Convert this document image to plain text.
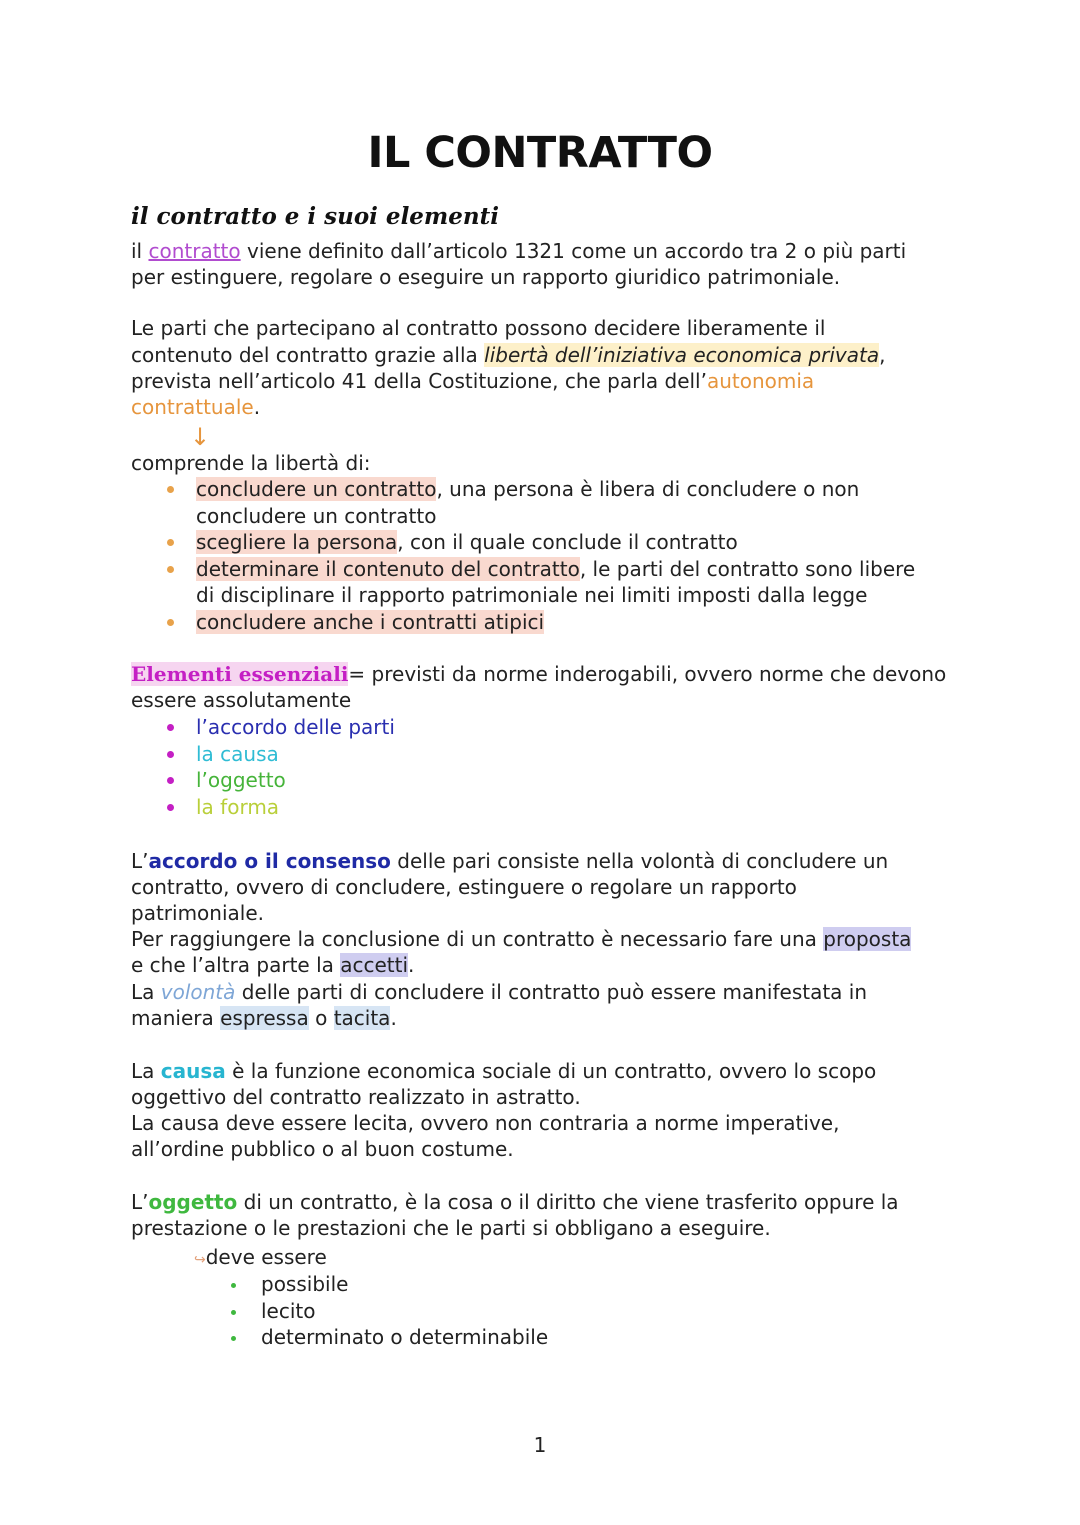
IL CONTRATTO
il contratto e i suoi elementi

il contratto viene definito dall’articolo 1321 come un accordo tra 2 o più parti

per estinguere, regolare o eseguire un rapporto giuridico patrimoniale.

Le parti che partecipano al contratto possono decidere liberamente il

contenuto del contratto grazie alla libertà dell’iniziativa economica privata,

prevista nell’articolo 41 della Costituzione, che parla dell’autonomia

contrattuale.

↓

comprende la libertà di:

concludere un contratto, una persona è libera di concludere o non
concludere un contratto
scegliere la persona, con il quale conclude il contratto
determinare il contenuto del contratto, le parti del contratto sono libere
di disciplinare il rapporto patrimoniale nei limiti imposti dalla legge
concludere anche i contratti atipici

Elementi essenziali= previsti da norme inderogabili, ovvero norme che devono

essere assolutamente

l’accordo delle parti
la causa
l’oggetto
la forma

L’accordo o il consenso delle pari consiste nella volontà di concludere un

contratto, ovvero di concludere, estinguere o regolare un rapporto

patrimoniale.

Per raggiungere la conclusione di un contratto è necessario fare una proposta

e che l’altra parte la accetti.

La volontà delle parti di concludere il contratto può essere manifestata in

maniera espressa o tacita.

La causa è la funzione economica sociale di un contratto, ovvero lo scopo

oggettivo del contratto realizzato in astratto.

La causa deve essere lecita, ovvero non contraria a norme imperative,

all’ordine pubblico o al buon costume.

L’oggetto di un contratto, è la cosa o il diritto che viene trasferito oppure la

prestazione o le prestazioni che le parti si obbligano a eseguire.

↪deve essere

possibile
lecito
determinato o determinabile
1
